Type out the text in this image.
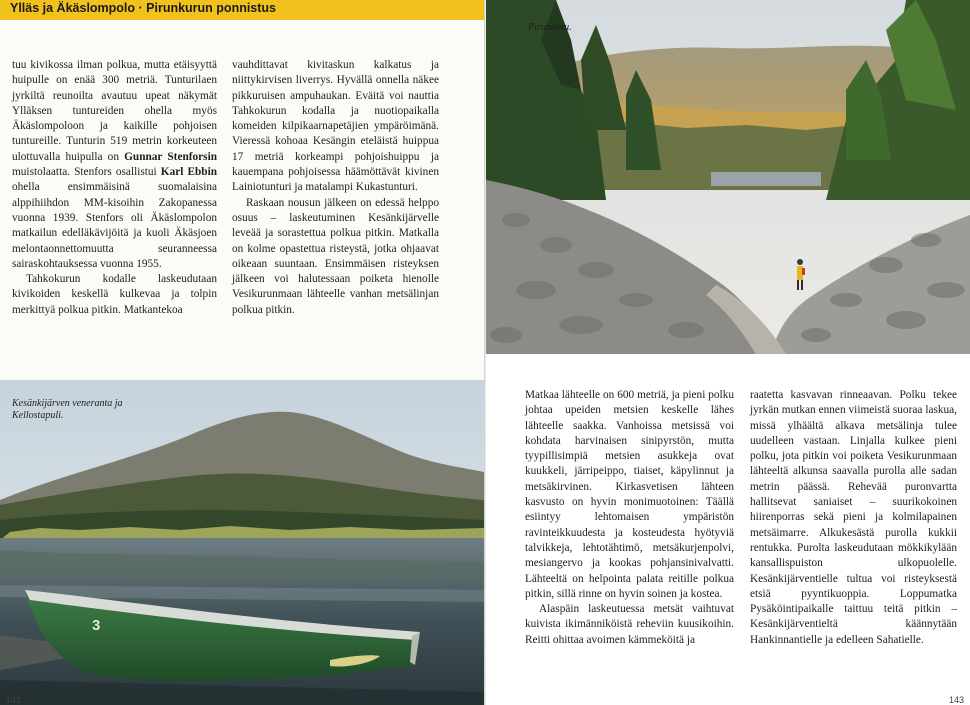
Ylläs ja Äkäslompolo · Pirunkurun ponnistus

tuu kivikossa ilman polkua, mutta etäisyyttä huipulle on enää 300 metriä. Tunturilaen jyrkiltä reunoilta avautuu upeat näkymät Ylläksen tuntureiden ohella myös Äkäslompoloon ja kaikille pohjoisen tuntureille. Tunturin 519 metrin korkeuteen ulottuvalla huipulla on Gunnar Stenforsin muistolaatta. Stenfors osallistui Karl Ebbin ohella ensimmäisinä suomalaisina alppihiihdon MM-kisoihin Zakopanessa vuonna 1939. Stenfors oli Äkäslompolon matkailun edelläkävijöitä ja kuoli Äkäsjoen melontaonnettomuutta seuranneessa sairaskohtauksessa vuonna 1955.

Tahkokurun kodalle laskeudutaan kivikoiden keskellä kulkevaa ja tolpin merkittyä polkua pitkin. Matkantekoa

vauhdittavat kivitaskun kalkatus ja niittykirvisen liverrys. Hyvällä onnella näkee pikkuruisen ampuhaukan. Eväitä voi nauttia Tahkokurun kodalla ja nuotiopaikalla komeiden kilpikaarnapetäjien ympäröimänä. Vieressä kohoaa Kesängin eteläistä huippua 17 metriä korkeampi pohjoishuippu ja kauempana pohjoisessa häämöttävät kivinen Lainiotunturi ja matalampi Kukastunturi.

Raskaan nousun jälkeen on edessä helppo osuus – laskeutuminen Kesänkijärvelle leveää ja sorastettua polkua pitkin. Matkalla on kolme opastettua risteystä, jotka ohjaavat oikeaan suuntaan. Ensimmäisen risteyksen jälkeen voi halutessaan poiketa hienolle Vesikurunmaan lähteelle vanhan metsälinjan polkua pitkin.

3
Kesänkijärven veneranta ja
Kellostapuli.
142
Pirunkuru.

Matkaa lähteelle on 600 metriä, ja pieni polku johtaa upeiden metsien keskelle lähes lähteelle saakka. Vanhoissa metsissä voi kohdata harvinaisen sinipyrstön, mutta tyypillisimpiä metsien asukkeja ovat kuukkeli, järripeippo, tiaiset, käpylinnut ja metsäkirvinen. Kirkasvetisen lähteen kasvusto on hyvin monimuotoinen: Täällä esiintyy lehtomaisen ympäristön ravinteikkuudesta ja kosteudesta hyötyviä talvikkeja, lehtotähtimö, metsäkurjenpolvi, mesiangervo ja kookas pohjansinivalvatti. Lähteeltä on helpointa palata reitille polkua pitkin, sillä rinne on hyvin soinen ja kostea.

Alaspäin laskeutuessa metsät vaihtuvat kuivista ikimänniköistä reheviin kuusikoihin. Reitti ohittaa avoimen kämmeköitä ja

raatetta kasvavan rinneaavan. Polku tekee jyrkän mutkan ennen viimeistä suoraa laskua, missä ylhäältä alkava metsälinja tulee uudelleen vastaan. Linjalla kulkee pieni polku, jota pitkin voi poiketa Vesikurunmaan lähteeltä alkunsa saavalla purolla alle sadan metrin päässä. Rehevää puronvartta hallitsevat saniaiset – suurikokoinen hiirenporras sekä pieni ja kolmilapainen metsäimarre. Alkukesästä purolla kukkii rentukka. Purolta laskeudutaan mökkikylään kansallispuiston ulkopuolelle. Kesänkijärventielle tultua voi risteyksestä etsiä pyyntikuoppia. Loppumatka Pysäköintipaikalle taittuu teitä pitkin – Kesänkijärventieltä käännytään Hankinnantielle ja edelleen Sahatielle.

143
